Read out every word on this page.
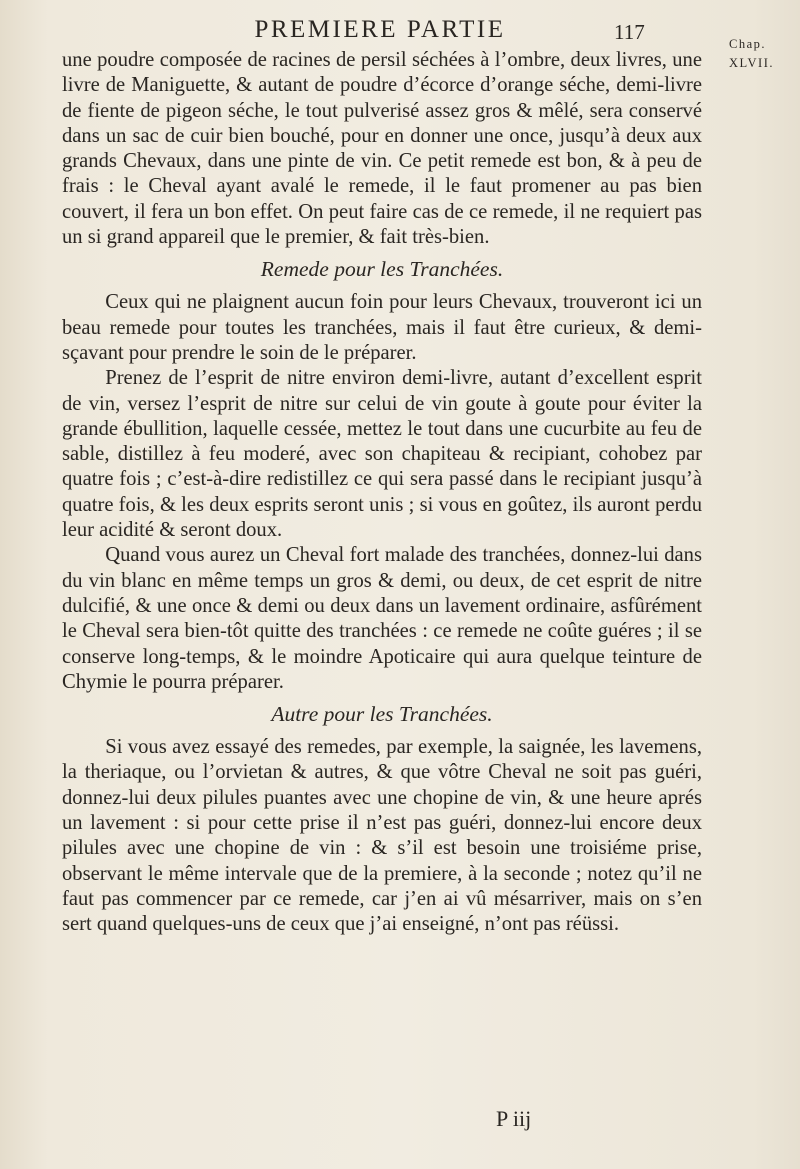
PREMIERE PARTIE	117	Chap.
XLVII.

une poudre composée de racines de persil séchées à l’ombre, deux livres, une livre de Maniguette, & autant de poudre d’écorce d’orange séche, demi-livre de fiente de pigeon séche, le tout pulverisé assez gros & mêlé, sera conservé dans un sac de cuir bien bouché, pour en donner une once, jusqu’à deux aux grands Chevaux, dans une pinte de vin. Ce petit remede est bon, & à peu de frais : le Cheval ayant avalé le remede, il le faut promener au pas bien couvert, il fera un bon effet. On peut faire cas de ce remede, il ne requiert pas un si grand appareil que le premier, & fait très-bien.

Remede pour les Tranchées.

Ceux qui ne plaignent aucun foin pour leurs Chevaux, trouveront ici un beau remede pour toutes les tranchées, mais il faut être curieux, & demi-sçavant pour prendre le soin de le préparer.

Prenez de l’esprit de nitre environ demi-livre, autant d’excellent esprit de vin, versez l’esprit de nitre sur celui de vin goute à goute pour éviter la grande ébullition, laquelle cessée, mettez le tout dans une cucurbite au feu de sable, distillez à feu moderé, avec son chapiteau & recipiant, cohobez par quatre fois ; c’est-à-dire redistillez ce qui sera passé dans le recipiant jusqu’à quatre fois, & les deux esprits seront unis ; si vous en goûtez, ils auront perdu leur acidité & seront doux.

Quand vous aurez un Cheval fort malade des tranchées, donnez-lui dans du vin blanc en même temps un gros & demi, ou deux, de cet esprit de nitre dulcifié, & une once & demi ou deux dans un lavement ordinaire, asfûrément le Cheval sera bien-tôt quitte des tranchées : ce remede ne coûte guéres ; il se conserve long-temps, & le moindre Apoticaire qui aura quelque teinture de Chymie le pourra préparer.

Autre pour les Tranchées.

Si vous avez essayé des remedes, par exemple, la saignée, les lavemens, la theriaque, ou l’orvietan & autres, & que vôtre Cheval ne soit pas guéri, donnez-lui deux pilules puantes avec une chopine de vin, & une heure aprés un lavement : si pour cette prise il n’est pas guéri, donnez-lui encore deux pilules avec une chopine de vin : & s’il est besoin une troisiéme prise, observant le même intervale que de la premiere, à la seconde ; notez qu’il ne faut pas commencer par ce remede, car j’en ai vû mésarriver, mais on s’en sert quand quelques-uns de ceux que j’ai enseigné, n’ont pas réüssi.

P iij
